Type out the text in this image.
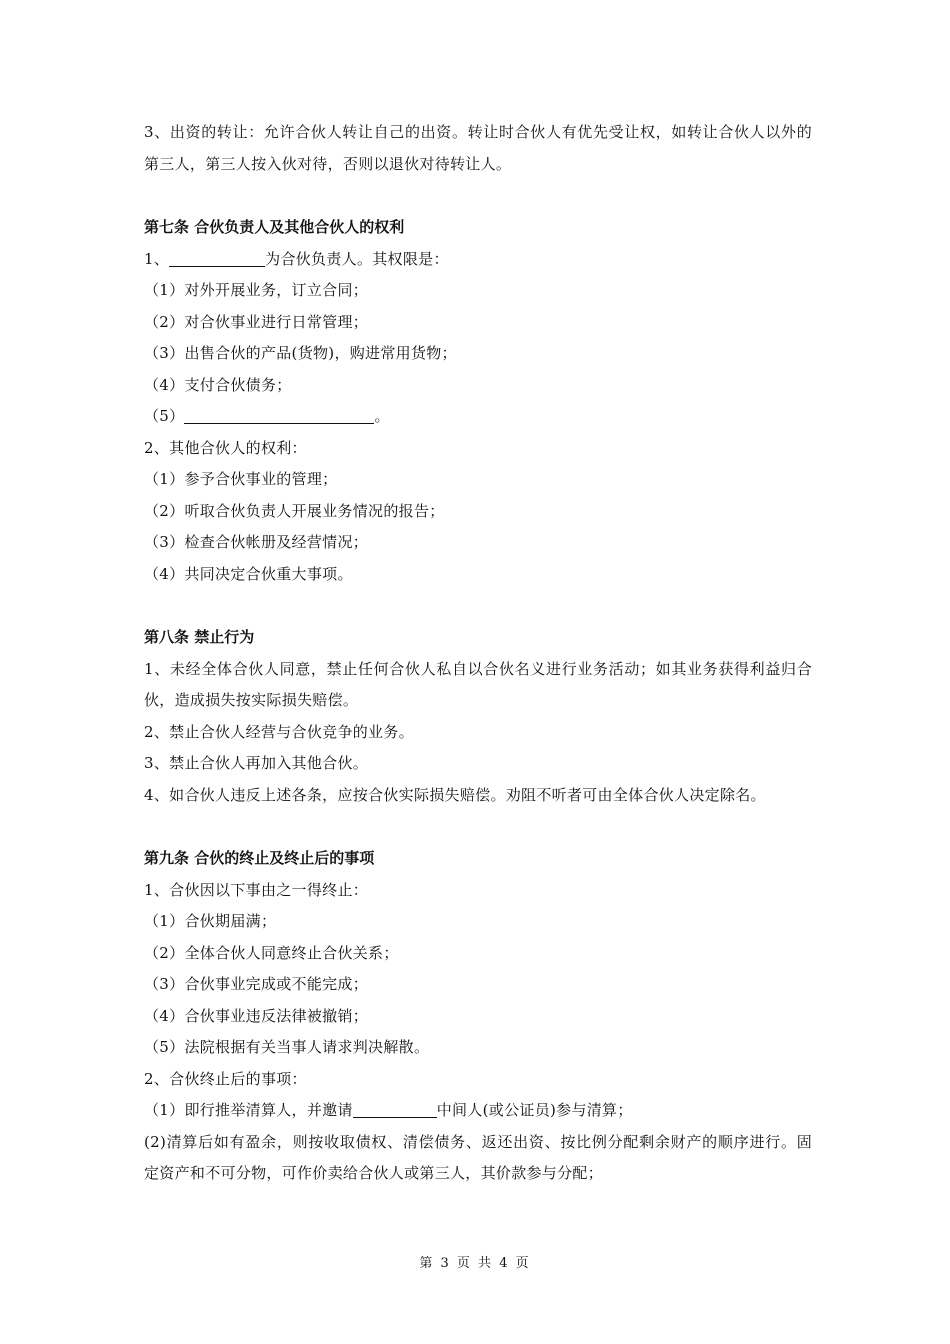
3、出资的转让：允许合伙人转让自己的出资。转让时合伙人有优先受让权，如转让合伙人以外的
第三人，第三人按入伙对待，否则以退伙对待转让人。
第七条 合伙负责人及其他合伙人的权利
1、	为合伙负责人。其权限是：
（1）对外开展业务，订立合同；
（2）对合伙事业进行日常管理；
（3）出售合伙的产品(货物)，购进常用货物；
（4）支付合伙债务；
（5）	。
2、其他合伙人的权利：
（1）参予合伙事业的管理；
（2）听取合伙负责人开展业务情况的报告；
（3）检查合伙帐册及经营情况；
（4）共同决定合伙重大事项。
第八条 禁止行为
1、未经全体合伙人同意，禁止任何合伙人私自以合伙名义进行业务活动；如其业务获得利益归合
伙，造成损失按实际损失赔偿。
2、禁止合伙人经营与合伙竞争的业务。
3、禁止合伙人再加入其他合伙。
4、如合伙人违反上述各条，应按合伙实际损失赔偿。劝阻不听者可由全体合伙人决定除名。
第九条 合伙的终止及终止后的事项
1、合伙因以下事由之一得终止：
（1）合伙期届满；
（2）全体合伙人同意终止合伙关系；
（3）合伙事业完成或不能完成；
（4）合伙事业违反法律被撤销；
（5）法院根据有关当事人请求判决解散。
2、合伙终止后的事项：
（1）即行推举清算人，并邀请	中间人(或公证员)参与清算；
(2)清算后如有盈余，则按收取债权、清偿债务、返还出资、按比例分配剩余财产的顺序进行。固
定资产和不可分物，可作价卖给合伙人或第三人，其价款参与分配；
第 3 页 共 4 页
